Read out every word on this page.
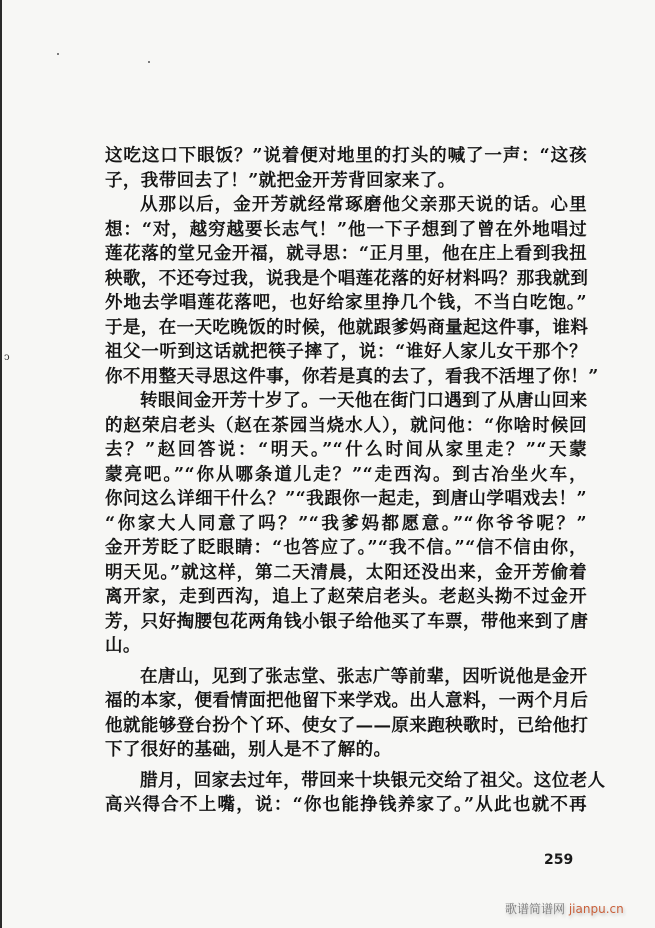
ↄ
这吃这口下眼饭？”说着便对地里的打头的喊了一声：“这孩
子，我带回去了！”就把金开芳背回家来了。
从那以后，金开芳就经常琢磨他父亲那天说的话。心里
想：“对，越穷越要长志气！”他一下子想到了曾在外地唱过
莲花落的堂兄金开福，就寻思：“正月里，他在庄上看到我扭
秧歌，不还夸过我，说我是个唱莲花落的好材料吗？那我就到
外地去学唱莲花落吧，也好给家里挣几个钱，不当白吃饱。”
于是，在一天吃晚饭的时候，他就跟爹妈商量起这件事，谁料
祖父一听到这话就把筷子摔了，说：“谁好人家儿女干那个？
你不用整天寻思这件事，你若是真的去了，看我不活埋了你！”
转眼间金开芳十岁了。一天他在街门口遇到了从唐山回来
的赵荣启老头（赵在茶园当烧水人），就问他：“你啥时候回
去？”赵回答说：“明天。”“什么时间从家里走？”“天蒙
蒙亮吧。”“你从哪条道儿走？”“走西沟。到古冶坐火车，
你问这么详细干什么？”“我跟你一起走，到唐山学唱戏去！”
“你家大人同意了吗？”“我爹妈都愿意。”“你爷爷呢？”
金开芳眨了眨眼睛：“也答应了。”“我不信。”“信不信由你，
明天见。”就这样，第二天清晨，太阳还没出来，金开芳偷着
离开家，走到西沟，追上了赵荣启老头。老赵头拗不过金开
芳，只好掏腰包花两角钱小银子给他买了车票，带他来到了唐
山。
在唐山，见到了张志堂、张志广等前辈，因听说他是金开
福的本家，便看情面把他留下来学戏。出人意料，一两个月后
他就能够登台扮个丫环、使女了——原来跑秧歌时，已给他打
下了很好的基础，别人是不了解的。
腊月，回家去过年，带回来十块银元交给了祖父。这位老人
高兴得合不上嘴，说：“你也能挣钱养家了。”从此也就不再
259
歌谱简谱网 jianpu.cn
